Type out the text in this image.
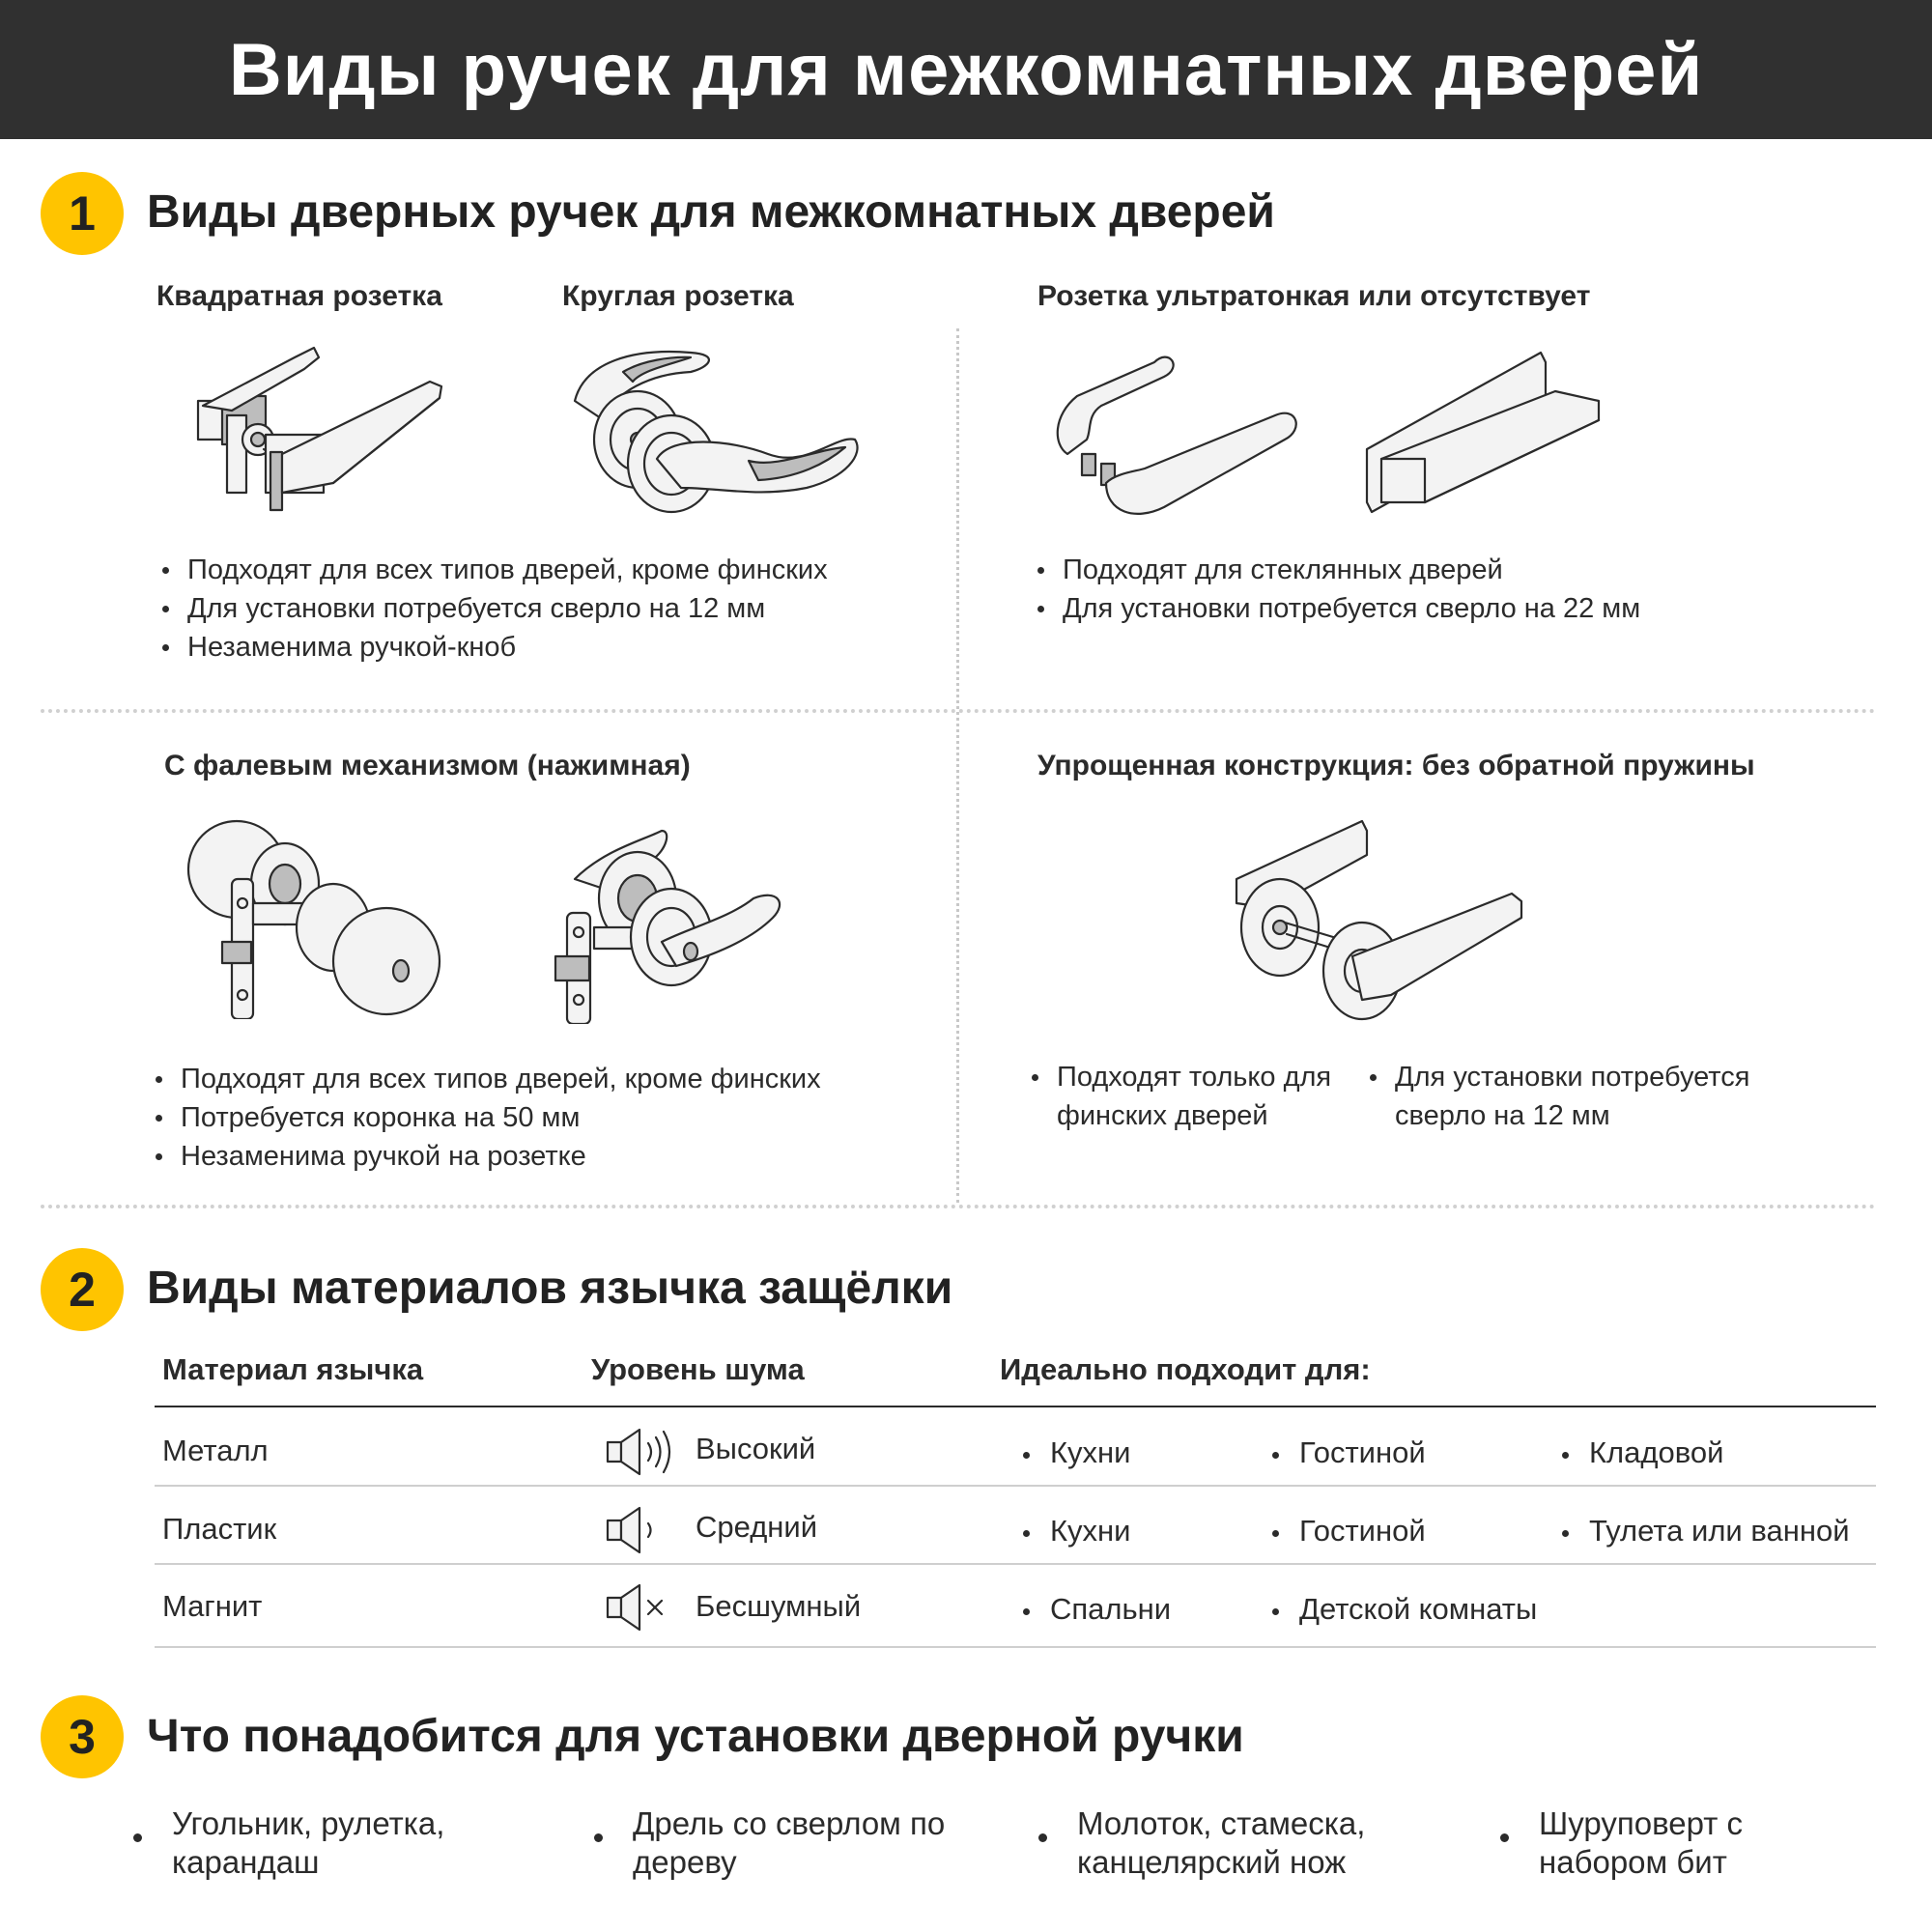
Виды ручек для межкомнатных дверей
1	Виды дверных ручек для межкомнатных дверей
Квадратная розетка	Круглая розетка
Подходят для всех типов дверей, кроме финских
Для установки потребуется сверло на 12 мм
Незаменима ручкой-кноб
Розетка ультратонкая или отсутствует
Подходят для стеклянных дверей
Для установки потребуется сверло на 22 мм
С фалевым механизмом (нажимная)
Подходят для всех типов дверей, кроме финских
Потребуется коронка на 50 мм
Незаменима ручкой на розетке
Упрощенная конструкция: без обратной пружины
Подходят только для финских дверей
Для установки потребуется сверло на 12 мм
2	Виды материалов язычка защёлки
Материал язычка	Уровень шума	Идеально подходит для:
Металл	Высокий	Кухни	Гостиной	Кладовой
Пластик	Средний	Кухни	Гостиной	Тулета или ванной
Магнит	Бесшумный	Спальни	Детской комнаты
3	Что понадобится для установки дверной ручки
Угольник, рулетка, карандаш
Дрель со сверлом по дереву
Молоток, стамеска, канцелярский нож
Шуруповерт с набором бит
